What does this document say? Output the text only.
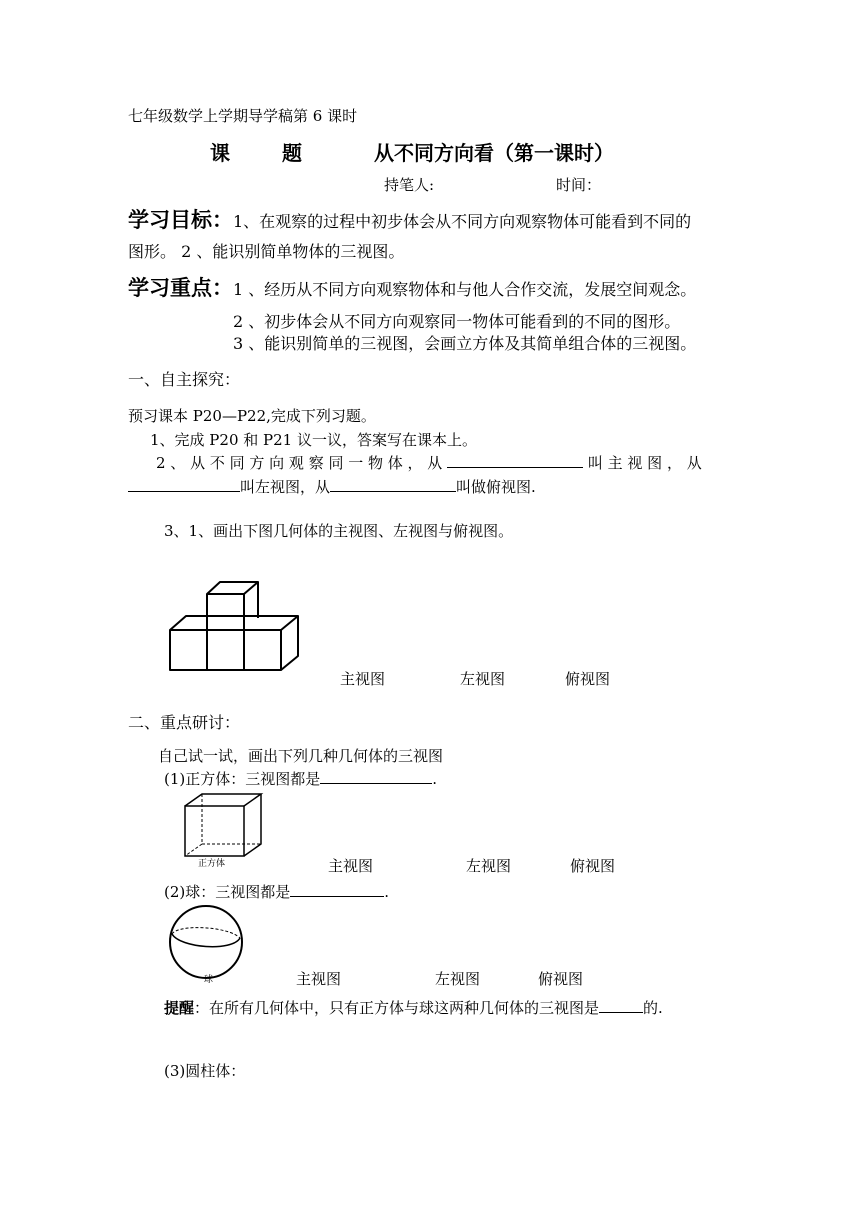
七年级数学上学期导学稿第 6 课时
课	题	从不同方向看（第一课时）
持笔人:	时间：
学习目标：1、在观察的过程中初步体会从不同方向观察物体可能看到不同的
图形。 2 、能识别简单物体的三视图。
学习重点：1 、经历从不同方向观察物体和与他人合作交流，发展空间观念。
2 、初步体会从不同方向观察同一物体可能看到的不同的图形。
3 、能识别简单的三视图，会画立方体及其简单组合体的三视图。
一、自主探究：
预习课本 P20—P22,完成下列习题。
1、完成 P20 和 P21 议一议，答案写在课本上。
2 、 从 不 同 方 向 观 察 同 一 物 体 ， 从	叫 主 视 图 ， 从
叫左视图，从	叫做俯视图.
3、1、画出下图几何体的主视图、左视图与俯视图。
主视图	左视图	俯视图
二、重点研讨：
自己试一试，画出下列几种几何体的三视图
(1)正方体：三视图都是	.
正方体	主视图	左视图	俯视图
(2)球：三视图都是	.
球	主视图	左视图	俯视图
提醒：在所有几何体中，只有正方体与球这两种几何体的三视图是	的.
(3)圆柱体：
